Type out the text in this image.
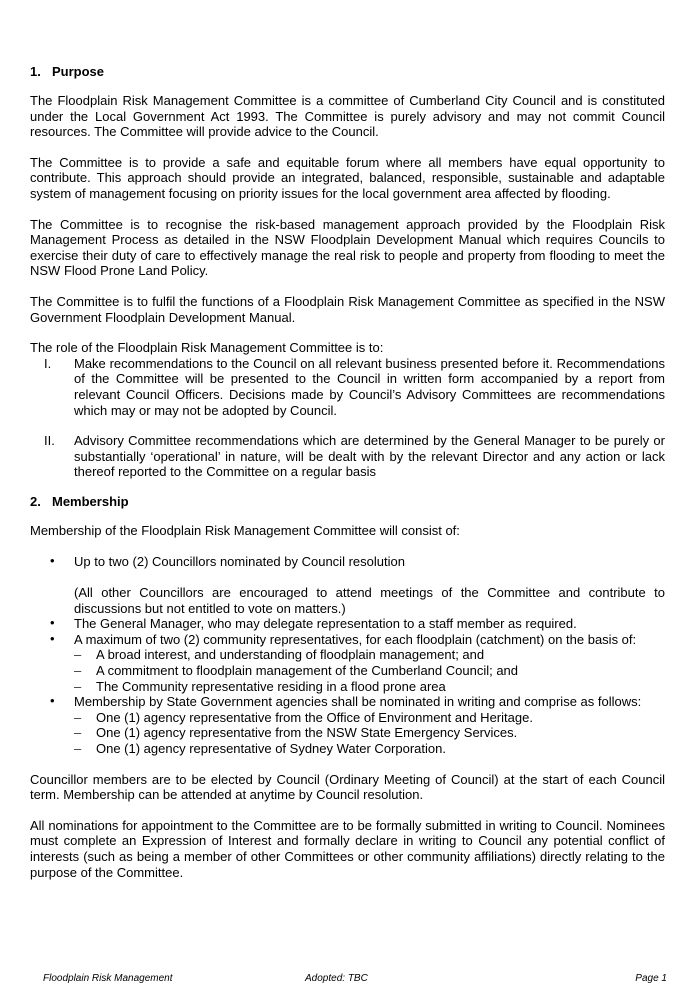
1. Purpose

The Floodplain Risk Management Committee is a committee of Cumberland City Council and is constituted under the Local Government Act 1993. The Committee is purely advisory and may not commit Council resources. The Committee will provide advice to the Council.

The Committee is to provide a safe and equitable forum where all members have equal opportunity to contribute. This approach should provide an integrated, balanced, responsible, sustainable and adaptable system of management focusing on priority issues for the local government area affected by flooding.

The Committee is to recognise the risk-based management approach provided by the Floodplain Risk Management Process as detailed in the NSW Floodplain Development Manual which requires Councils to exercise their duty of care to effectively manage the real risk to people and property from flooding to meet the NSW Flood Prone Land Policy.

The Committee is to fulfil the functions of a Floodplain Risk Management Committee as specified in the NSW Government Floodplain Development Manual.

The role of the Floodplain Risk Management Committee is to:

I. Make recommendations to the Council on all relevant business presented before it. Recommendations of the Committee will be presented to the Council in written form accompanied by a report from relevant Council Officers. Decisions made by Council’s Advisory Committees are recommendations which may or may not be adopted by Council.
II. Advisory Committee recommendations which are determined by the General Manager to be purely or substantially ‘operational’ in nature, will be dealt with by the relevant Director and any action or lack thereof reported to the Committee on a regular basis
2. Membership

Membership of the Floodplain Risk Management Committee will consist of:

• Up to two (2) Councillors nominated by Council resolution
(All other Councillors are encouraged to attend meetings of the Committee and contribute to discussions but not entitled to vote on matters.)
• The General Manager, who may delegate representation to a staff member as required.
• A maximum of two (2) community representatives, for each floodplain (catchment) on the basis of:
– A broad interest, and understanding of floodplain management; and
– A commitment to floodplain management of the Cumberland Council; and
– The Community representative residing in a flood prone area
• Membership by State Government agencies shall be nominated in writing and comprise as follows:
– One (1) agency representative from the Office of Environment and Heritage.
– One (1) agency representative from the NSW State Emergency Services.
– One (1) agency representative of Sydney Water Corporation.

Councillor members are to be elected by Council (Ordinary Meeting of Council) at the start of each Council term. Membership can be attended at anytime by Council resolution.

All nominations for appointment to the Committee are to be formally submitted in writing to Council. Nominees must complete an Expression of Interest and formally declare in writing to Council any potential conflict of interests (such as being a member of other Committees or other community affiliations) directly relating to the purpose of the Committee.

Floodplain Risk Management	Adopted: TBC	Page 1
